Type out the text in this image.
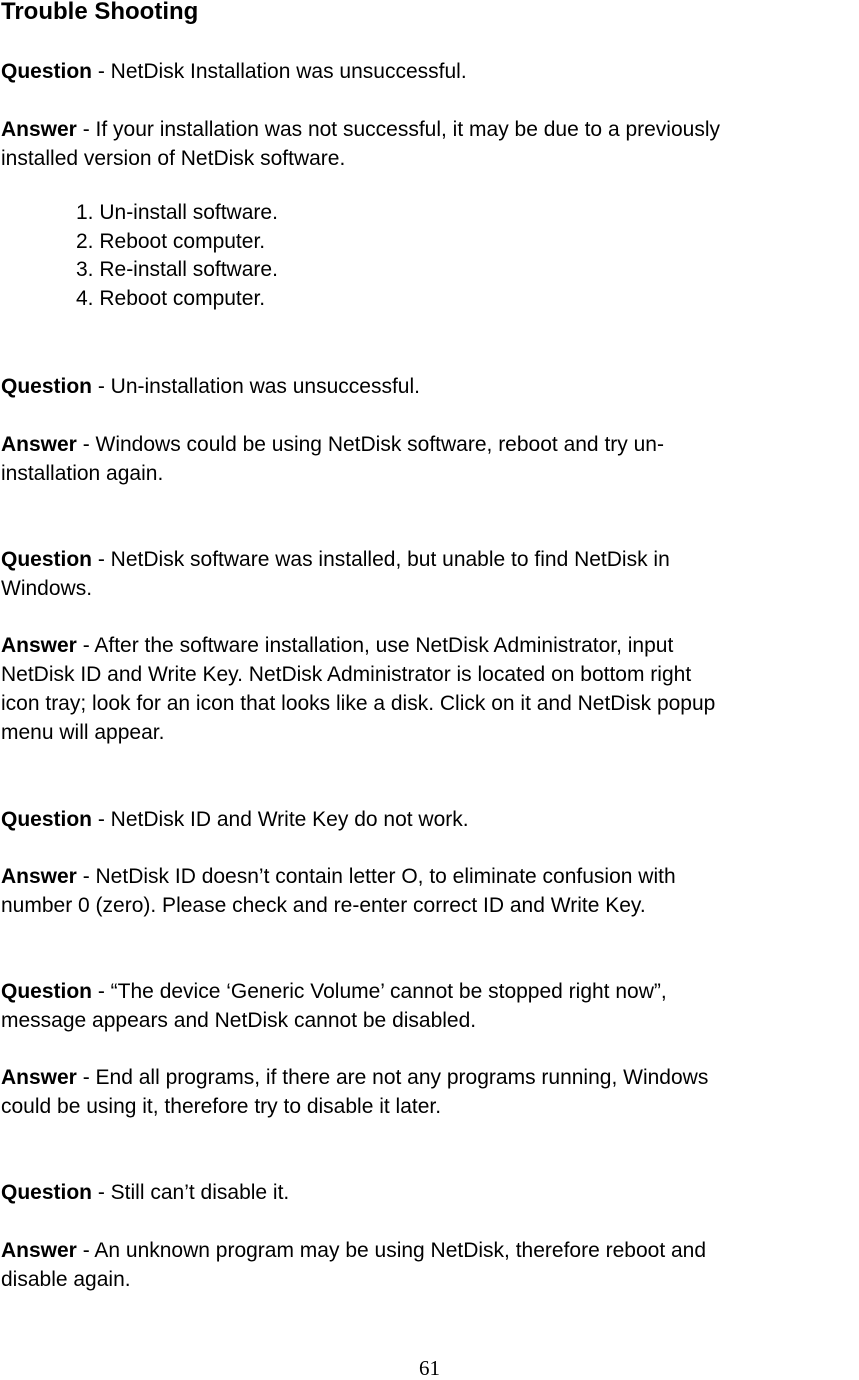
Trouble Shooting
Question - NetDisk Installation was unsuccessful.
Answer - If your installation was not successful, it may be due to a previously
installed version of NetDisk software.
1. Un-install software.
2. Reboot computer.
3. Re-install software.
4. Reboot computer.
Question - Un-installation was unsuccessful.
Answer - Windows could be using NetDisk software, reboot and try un-
installation again.
Question - NetDisk software was installed, but unable to find NetDisk in
Windows.
Answer - After the software installation, use NetDisk Administrator, input
NetDisk ID and Write Key. NetDisk Administrator is located on bottom right
icon tray; look for an icon that looks like a disk. Click on it and NetDisk popup
menu will appear.
Question - NetDisk ID and Write Key do not work.
Answer - NetDisk ID doesn’t contain letter O, to eliminate confusion with
number 0 (zero). Please check and re-enter correct ID and Write Key.
Question - “The device ‘Generic Volume’ cannot be stopped right now”,
message appears and NetDisk cannot be disabled.
Answer - End all programs, if there are not any programs running, Windows
could be using it, therefore try to disable it later.
Question - Still can’t disable it.
Answer - An unknown program may be using NetDisk, therefore reboot and
disable again.
61
